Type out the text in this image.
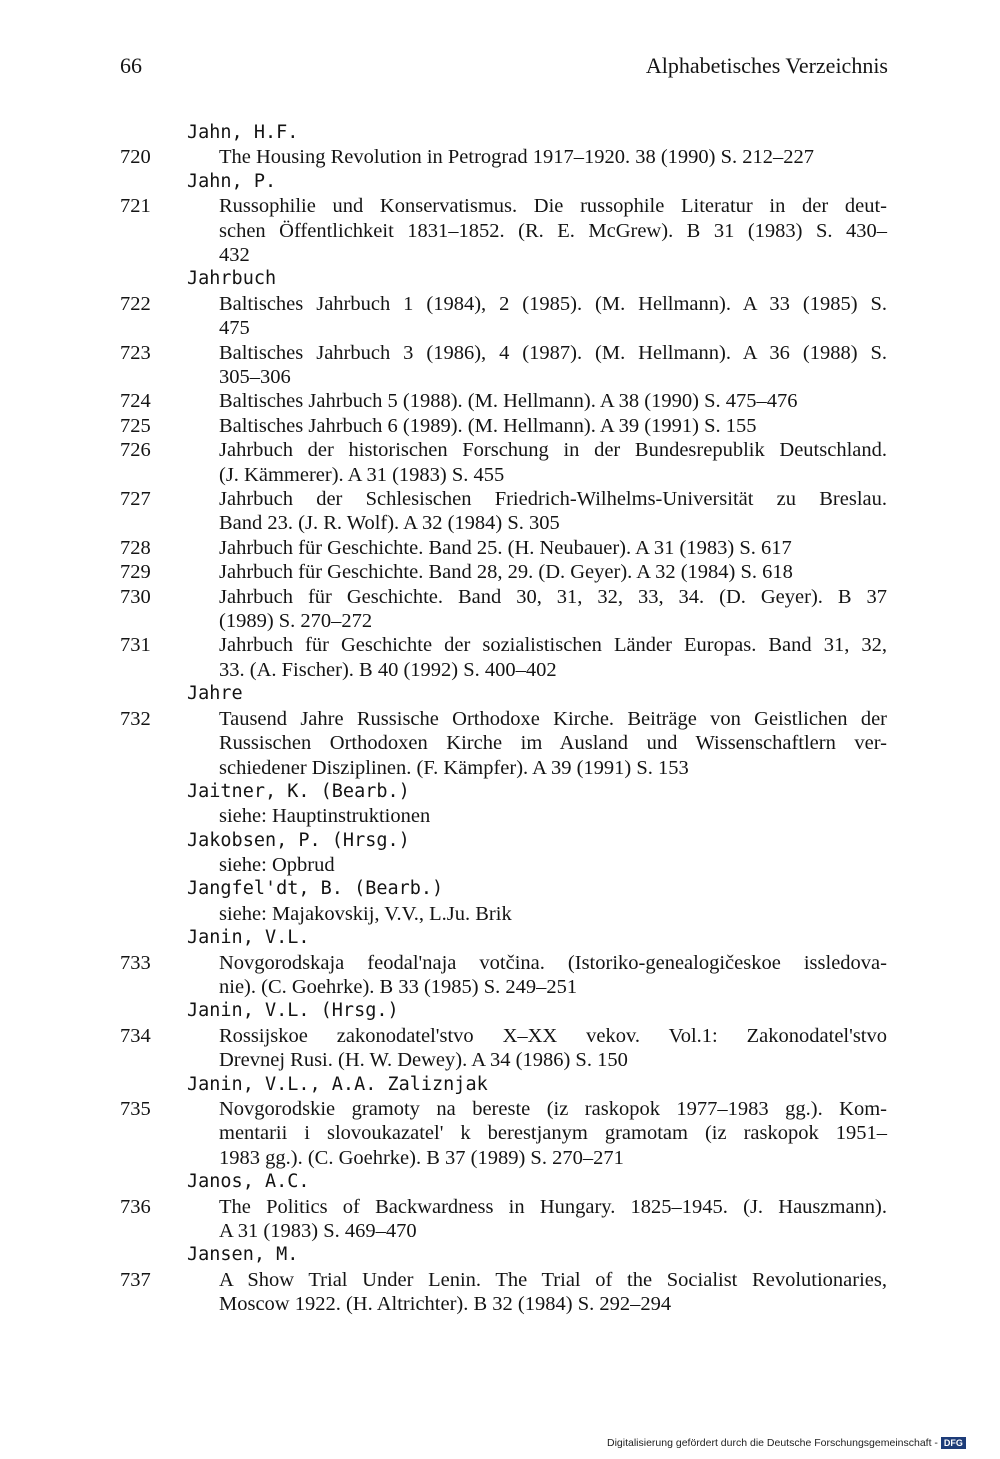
66	Alphabetisches Verzeichnis
Jahn, H.F.
720	The Housing Revolution in Petrograd 1917–1920. 38 (1990) S. 212–227
Jahn, P.
721	Russophilie und Konservatismus. Die russophile Literatur in der deut-
schen Öffentlichkeit 1831–1852. (R. E. McGrew). B 31 (1983) S. 430–
432
Jahrbuch
722	Baltisches Jahrbuch 1 (1984), 2 (1985). (M. Hellmann). A 33 (1985) S.
475
723	Baltisches Jahrbuch 3 (1986), 4 (1987). (M. Hellmann). A 36 (1988) S.
305–306
724	Baltisches Jahrbuch 5 (1988). (M. Hellmann). A 38 (1990) S. 475–476
725	Baltisches Jahrbuch 6 (1989). (M. Hellmann). A 39 (1991) S. 155
726	Jahrbuch der historischen Forschung in der Bundesrepublik Deutschland.
(J. Kämmerer). A 31 (1983) S. 455
727	Jahrbuch der Schlesischen Friedrich-Wilhelms-Universität zu Breslau.
Band 23. (J. R. Wolf). A 32 (1984) S. 305
728	Jahrbuch für Geschichte. Band 25. (H. Neubauer). A 31 (1983) S. 617
729	Jahrbuch für Geschichte. Band 28, 29. (D. Geyer). A 32 (1984) S. 618
730	Jahrbuch für Geschichte. Band 30, 31, 32, 33, 34. (D. Geyer). B 37
(1989) S. 270–272
731	Jahrbuch für Geschichte der sozialistischen Länder Europas. Band 31, 32,
33. (A. Fischer). B 40 (1992) S. 400–402
Jahre
732	Tausend Jahre Russische Orthodoxe Kirche. Beiträge von Geistlichen der
Russischen Orthodoxen Kirche im Ausland und Wissenschaftlern ver-
schiedener Disziplinen. (F. Kämpfer). A 39 (1991) S. 153
Jaitner, K. (Bearb.)
siehe: Hauptinstruktionen
Jakobsen, P. (Hrsg.)
siehe: Opbrud
Jangfel'dt, B. (Bearb.)
siehe: Majakovskij, V.V., L.Ju. Brik
Janin, V.L.
733	Novgorodskaja feodal'naja votčina. (Istoriko-genealogičeskoe issledova-
nie). (C. Goehrke). B 33 (1985) S. 249–251
Janin, V.L. (Hrsg.)
734	Rossijskoe zakonodatel'stvo X–XX vekov. Vol.1: Zakonodatel'stvo
Drevnej Rusi. (H. W. Dewey). A 34 (1986) S. 150
Janin, V.L., A.A. Zaliznjak
735	Novgorodskie gramoty na bereste (iz raskopok 1977–1983 gg.). Kom-
mentarii i slovoukazatel' k berestjanym gramotam (iz raskopok 1951–
1983 gg.). (C. Goehrke). B 37 (1989) S. 270–271
Janos, A.C.
736	The Politics of Backwardness in Hungary. 1825–1945. (J. Hauszmann).
A 31 (1983) S. 469–470
Jansen, M.
737	A Show Trial Under Lenin. The Trial of the Socialist Revolutionaries,
Moscow 1922. (H. Altrichter). B 32 (1984) S. 292–294
Digitalisierung gefördert durch die Deutsche Forschungsgemeinschaft - DFG
